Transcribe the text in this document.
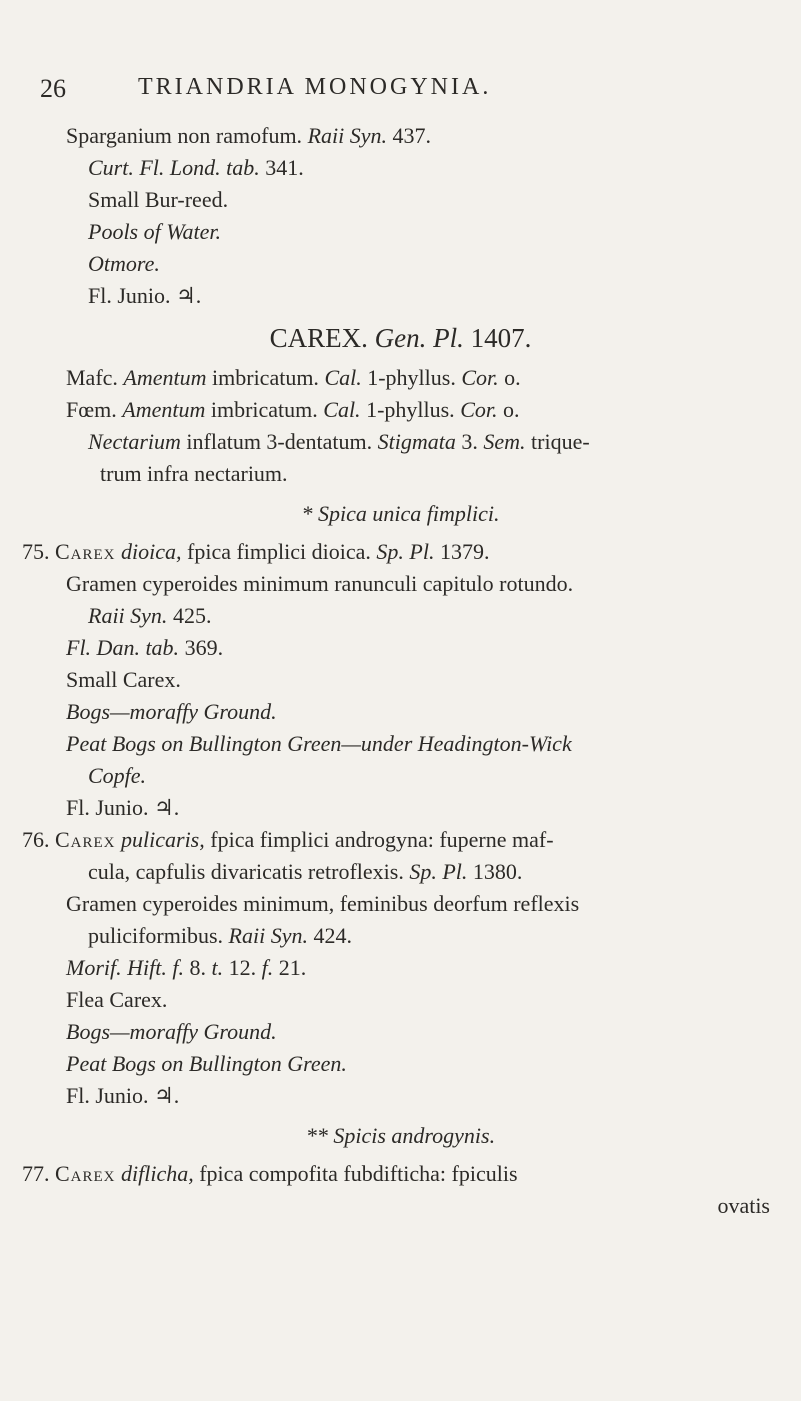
26	TRIANDRIA MONOGYNIA.

Sparganium non ramofum. Raii Syn. 437.

Curt. Fl. Lond. tab. 341.

Small Bur-reed.

Pools of Water.

Otmore.

Fl. Junio. ♃.

CAREX. Gen. Pl. 1407.

Mafc. Amentum imbricatum. Cal. 1-phyllus. Cor. o.

Fœm. Amentum imbricatum. Cal. 1-phyllus. Cor. o.

Nectarium inflatum 3-dentatum. Stigmata 3. Sem. trique-

trum infra nectarium.

* Spica unica fimplici.

75. Carex dioica, fpica fimplici dioica. Sp. Pl. 1379.

Gramen cyperoides minimum ranunculi capitulo rotundo.

Raii Syn. 425.

Fl. Dan. tab. 369.

Small Carex.

Bogs—moraffy Ground.

Peat Bogs on Bullington Green—under Headington-Wick

Copfe.

Fl. Junio. ♃.

76. Carex pulicaris, fpica fimplici androgyna: fuperne maf-

cula, capfulis divaricatis retroflexis. Sp. Pl. 1380.

Gramen cyperoides minimum, feminibus deorfum reflexis

puliciformibus. Raii Syn. 424.

Morif. Hift. f. 8. t. 12. f. 21.

Flea Carex.

Bogs—moraffy Ground.

Peat Bogs on Bullington Green.

Fl. Junio. ♃.

** Spicis androgynis.

77. Carex diflicha, fpica compofita fubdifticha: fpiculis

ovatis
